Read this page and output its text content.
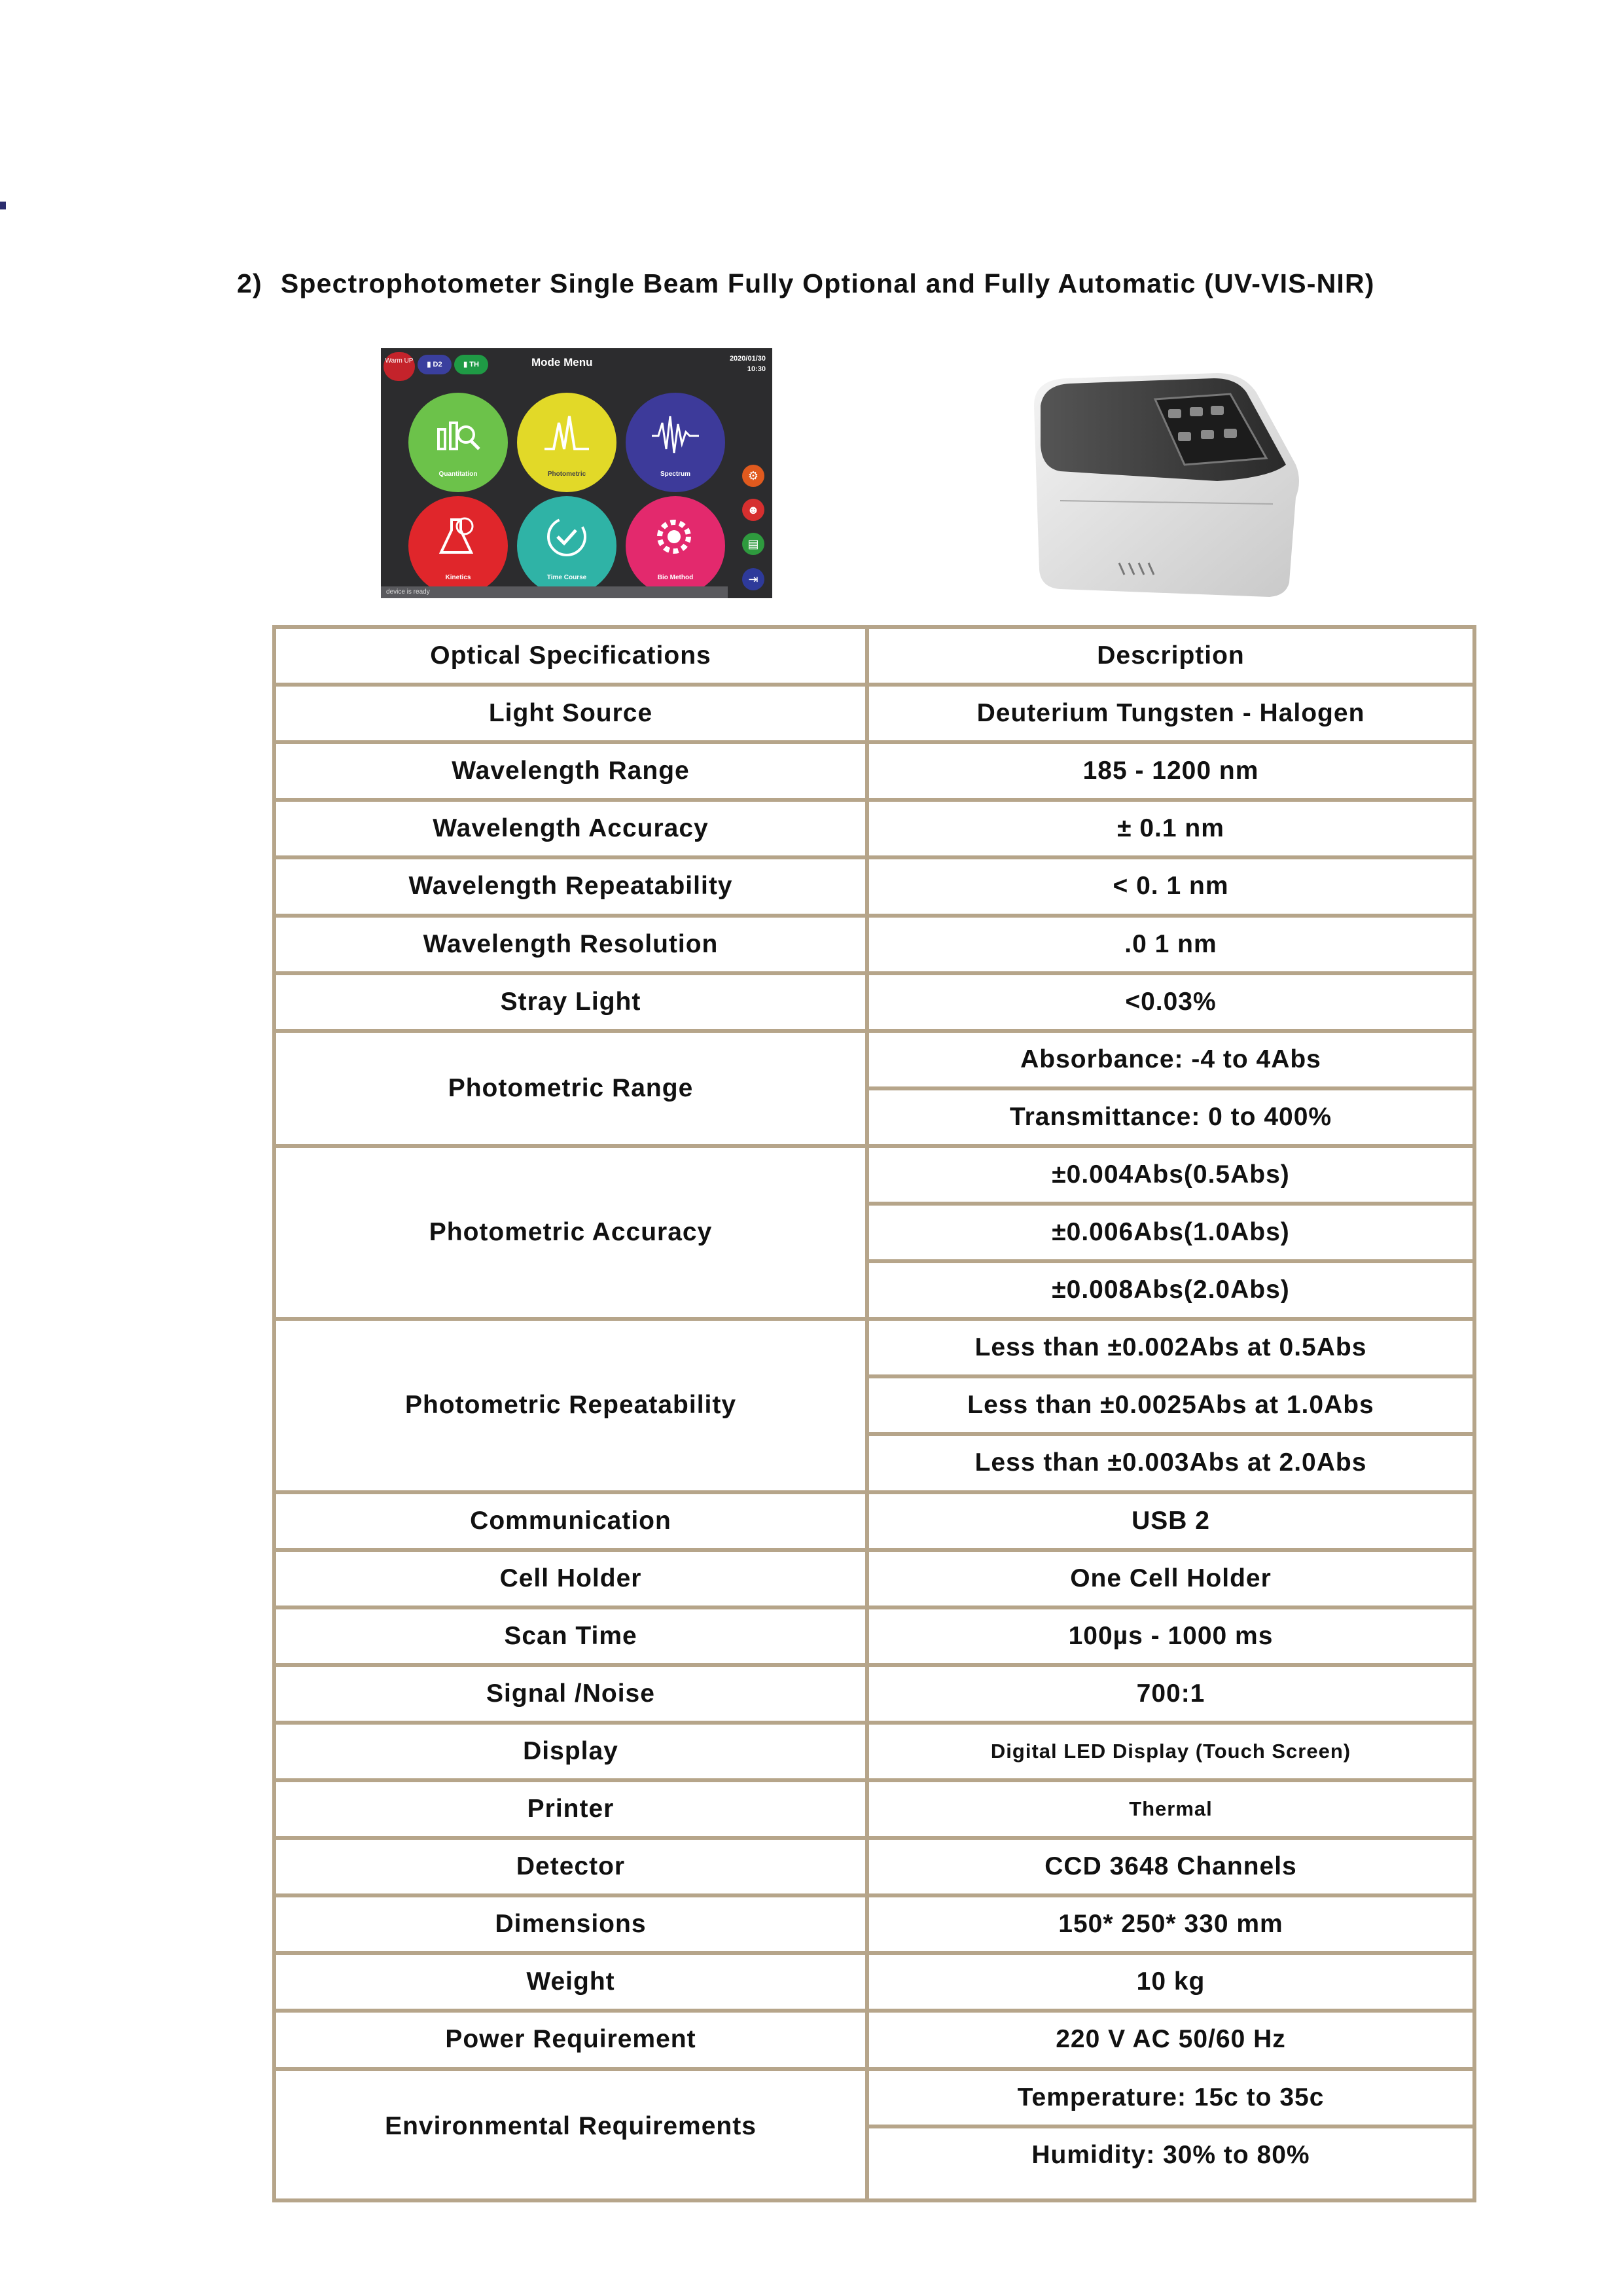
2) Spectrophotometer Single Beam Fully Optional and Fully Automatic (UV-VIS-NIR)
Warm UP	▮ D2	▮ TH	Mode Menu	2020/01/30
10:30
Quantitation	Photometric	Spectrum
Kinetics	Time Course	Bio Method
⚙
☻
▤
⇥
device is ready
Optical Specifications	Description
Light Source	Deuterium Tungsten - Halogen
Wavelength Range	185 - 1200 nm
Wavelength Accuracy	± 0.1 nm
Wavelength Repeatability	< 0. 1 nm
Wavelength Resolution	.0 1 nm
Stray Light	<0.03%
Photometric Range
Absorbance: -4 to 4Abs
Transmittance: 0 to 400%
Photometric Accuracy
±0.004Abs(0.5Abs)
±0.006Abs(1.0Abs)
±0.008Abs(2.0Abs)
Photometric Repeatability
Less than ±0.002Abs at 0.5Abs
Less than ±0.0025Abs at 1.0Abs
Less than ±0.003Abs at 2.0Abs
Communication	USB 2
Cell Holder	One Cell Holder
Scan Time	100µs - 1000 ms
Signal /Noise	700:1
Display	Digital LED Display (Touch Screen)
Printer	Thermal
Detector	CCD 3648 Channels
Dimensions	150* 250* 330 mm
Weight	10 kg
Power Requirement	220 V AC 50/60 Hz
Environmental Requirements
Temperature: 15c to 35c
Humidity: 30% to 80%
